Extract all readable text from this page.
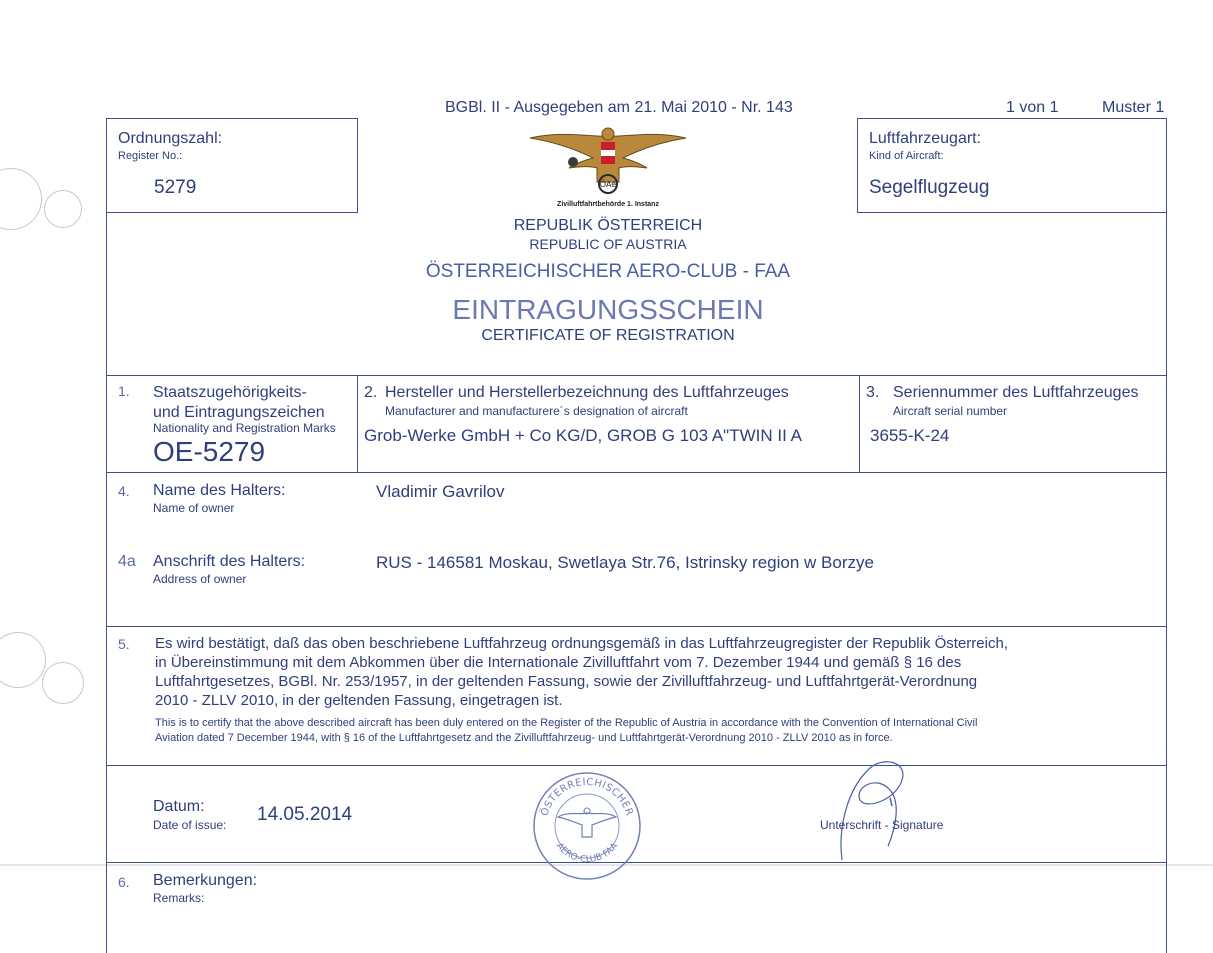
BGBl. II - Ausgegeben am 21. Mai 2010 - Nr. 143	1 von 1	Muster 1
Ordnungszahl:
Register No.:
5279	ÖAe
Zivilluftfahrtbehörde 1. Instanz
Luftfahrzeugart:
Kind of Aircraft:
Segelflugzeug
REPUBLIK ÖSTERREICH
REPUBLIC OF AUSTRIA
ÖSTERREICHISCHER AERO-CLUB - FAA
EINTRAGUNGSSCHEIN
CERTIFICATE OF REGISTRATION
1. Staatszugehörigkeits-
und Eintragungszeichen
Nationality and Registration Marks
OE-5279
2. Hersteller und Herstellerbezeichnung des Luftfahrzeuges
Manufacturer and manufacturere´s designation of aircraft
Grob-Werke GmbH + Co KG/D, GROB G 103 A"TWIN II A
3. Seriennummer des Luftfahrzeuges
Aircraft serial number
3655-K-24
4. Name des Halters:
Name of owner
Vladimir Gavrilov
4a Anschrift des Halters:
Address of owner
RUS - 146581 Moskau, Swetlaya Str.76, Istrinsky region w Borzye
5. Es wird bestätigt, daß das oben beschriebene Luftfahrzeug ordnungsgemäß in das Luftfahrzeugregister der Republik Österreich,
in Übereinstimmung mit dem Abkommen über die Internationale Zivilluftfahrt vom 7. Dezember 1944 und gemäß § 16 des
Luftfahrtgesetzes, BGBl. Nr. 253/1957, in der geltenden Fassung, sowie der Zivilluftfahrzeug- und Luftfahrtgerät-Verordnung
2010 - ZLLV 2010, in der geltenden Fassung, eingetragen ist.
This is to certify that the above described aircraft has been duly entered on the Register of the Republic of Austria in accordance with the Convention of International Civil
Aviation dated 7 December 1944, with § 16 of the Luftfahrtgesetz and the Zivilluftfahrzeug- und Luftfahrtgerät-Verordnung 2010 - ZLLV 2010 as in force.
Datum:
Date of issue: 14.05.2014	ÖSTERREICHISCHER
AERO-CLUB FAA
Unterschrift - Signature
6. Bemerkungen:
Remarks:
